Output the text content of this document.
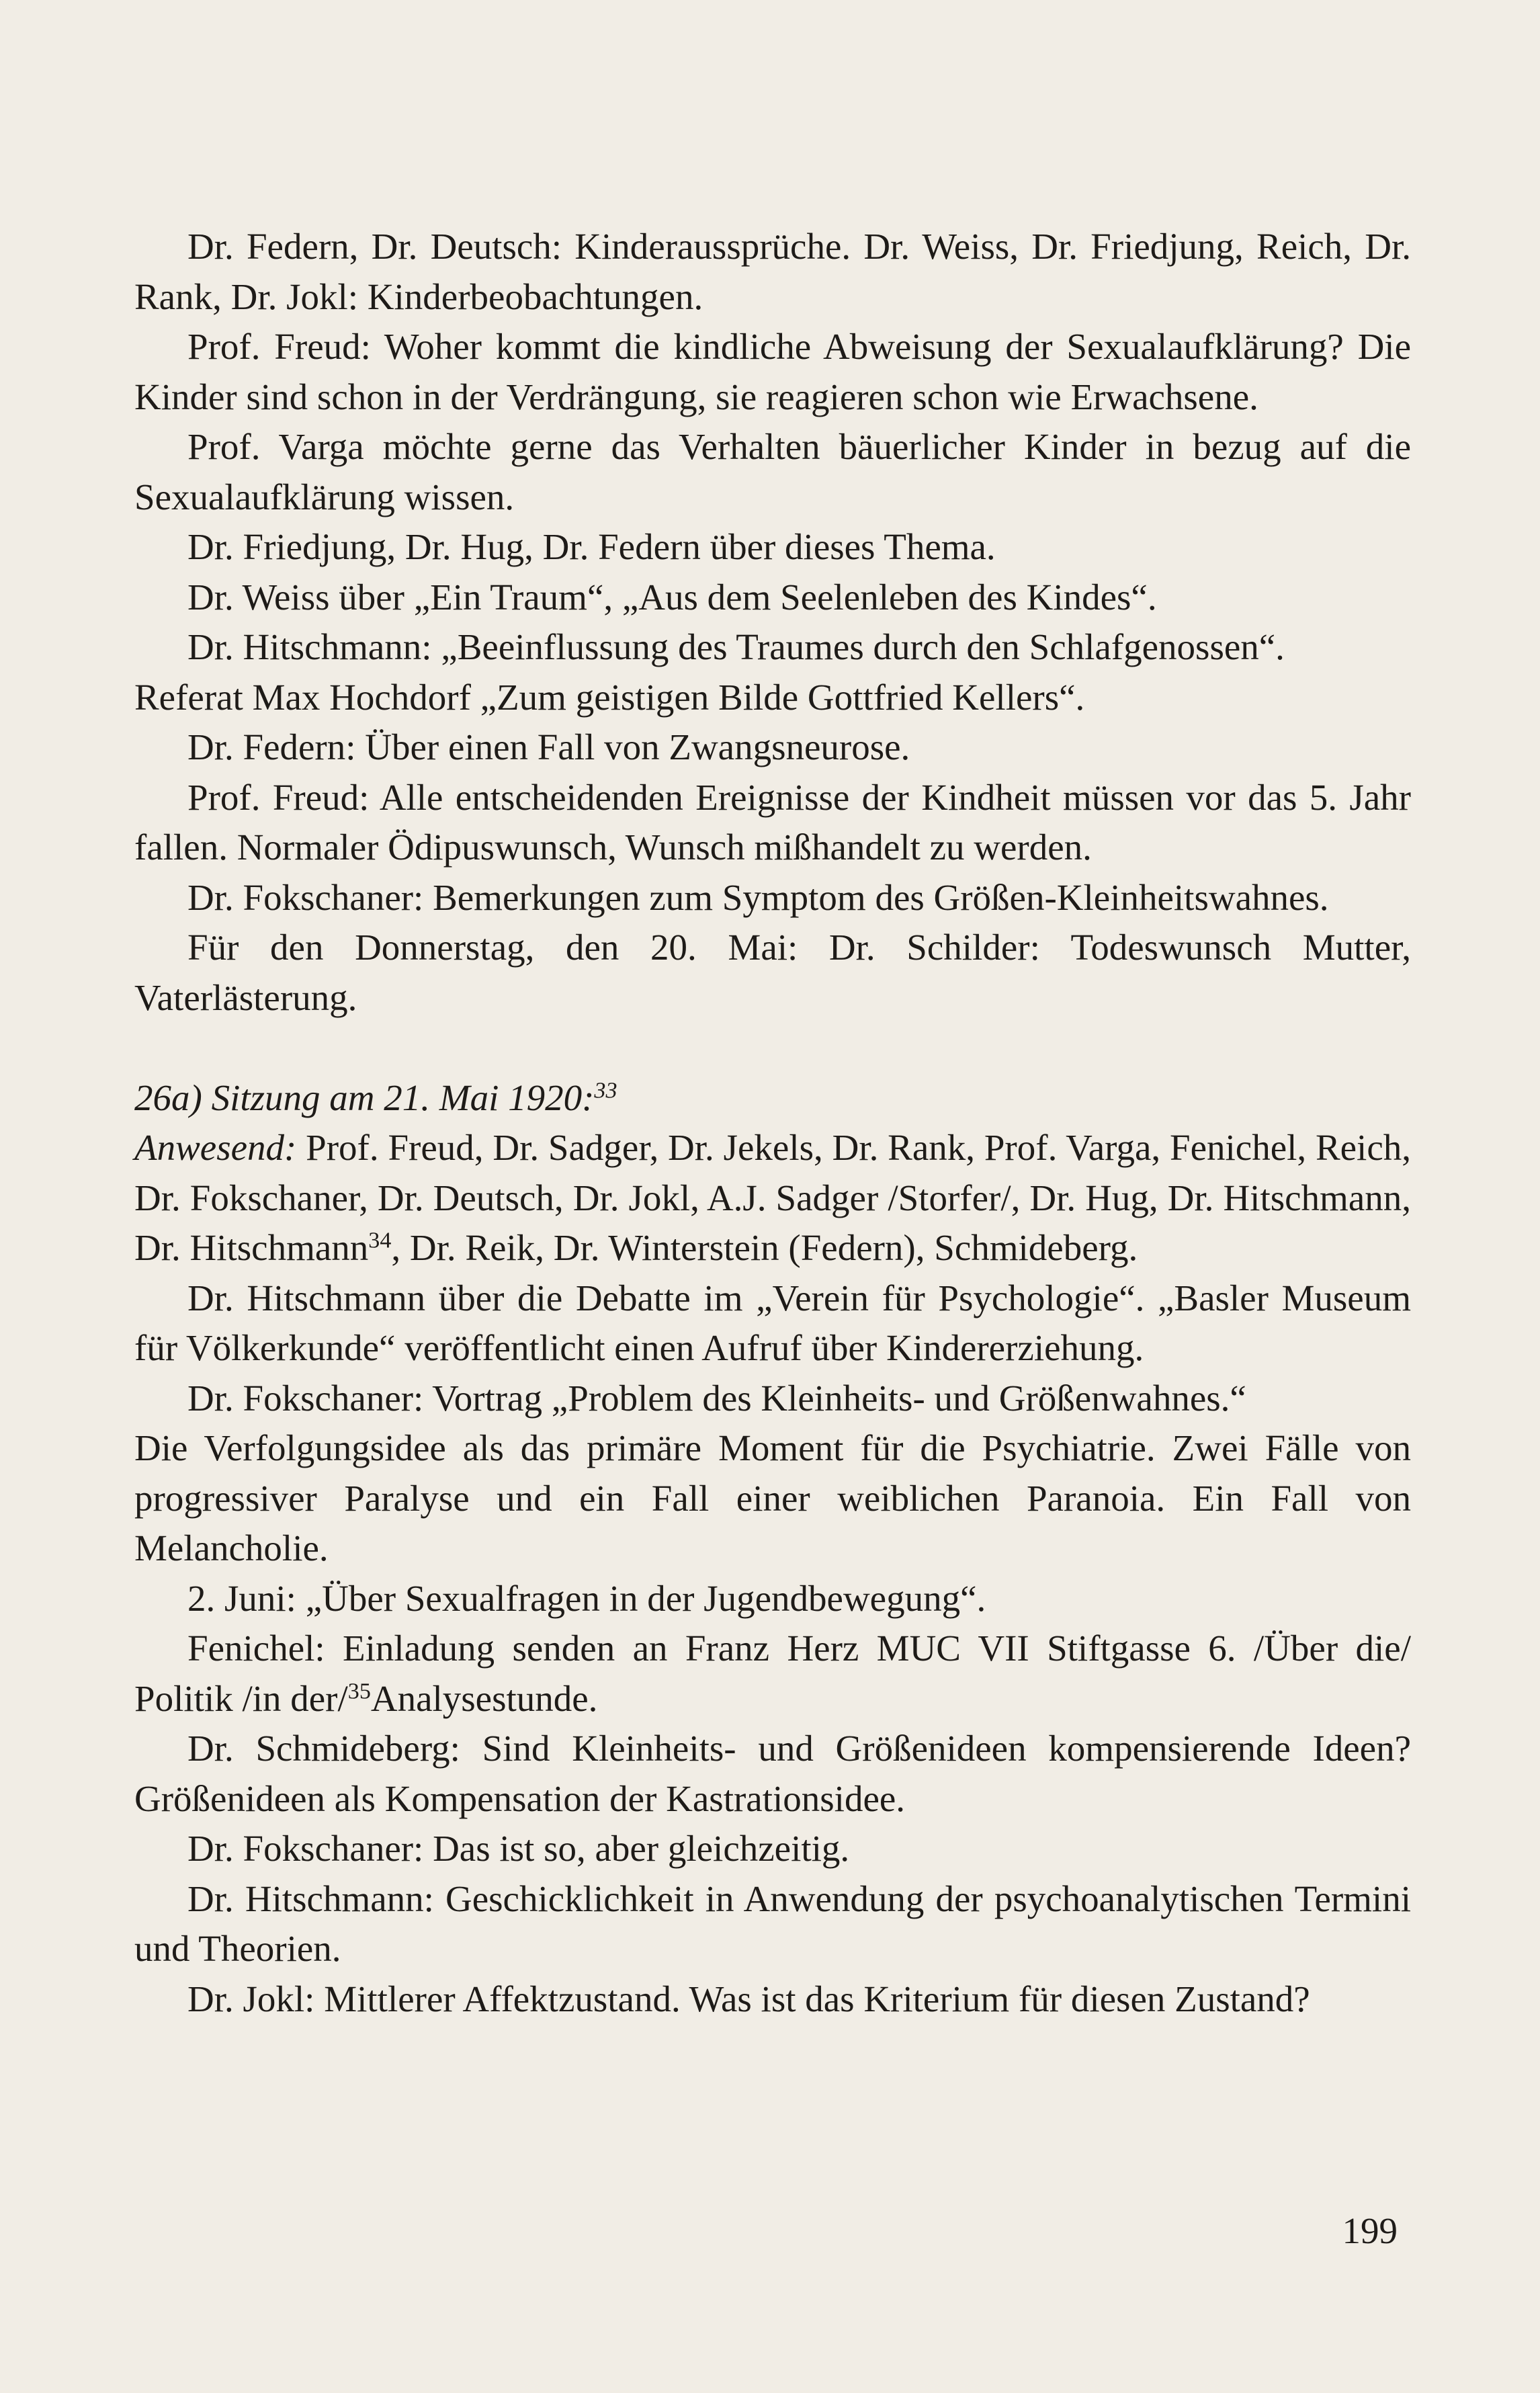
Dr. Federn, Dr. Deutsch: Kinderaussprüche. Dr. Weiss, Dr. Friedjung, Reich, Dr. Rank, Dr. Jokl: Kinderbeobachtungen.

Prof. Freud: Woher kommt die kindliche Abweisung der Sexualaufklärung? Die Kinder sind schon in der Verdrängung, sie reagieren schon wie Erwachsene.

Prof. Varga möchte gerne das Verhalten bäuerlicher Kinder in bezug auf die Sexualaufklärung wissen.

Dr. Friedjung, Dr. Hug, Dr. Federn über dieses Thema.

Dr. Weiss über „Ein Traum“, „Aus dem Seelenleben des Kindes“.

Dr. Hitschmann: „Beeinflussung des Traumes durch den Schlafgenossen“.

Referat Max Hochdorf „Zum geistigen Bilde Gottfried Kellers“.

Dr. Federn: Über einen Fall von Zwangsneurose.

Prof. Freud: Alle entscheidenden Ereignisse der Kindheit müssen vor das 5. Jahr fallen. Normaler Ödipuswunsch, Wunsch mißhandelt zu werden.

Dr. Fokschaner: Bemerkungen zum Symptom des Größen-Kleinheitswahnes.

Für den Donnerstag, den 20. Mai: Dr. Schilder: Todeswunsch Mutter, Vaterlästerung.

26a) Sitzung am 21. Mai 1920:$^{33}$

Anwesend: Prof. Freud, Dr. Sadger, Dr. Jekels, Dr. Rank, Prof. Varga, Fenichel, Reich, Dr. Fokschaner, Dr. Deutsch, Dr. Jokl, A.J. Sadger /Storfer/, Dr. Hug, Dr. Hitschmann, Dr. Hitschmann$^{34}$, Dr. Reik, Dr. Winterstein (Federn), Schmideberg.

Dr. Hitschmann über die Debatte im „Verein für Psychologie“. „Basler Museum für Völkerkunde“ veröffentlicht einen Aufruf über Kindererziehung.

Dr. Fokschaner: Vortrag „Problem des Kleinheits- und Größenwahnes.“

Die Verfolgungsidee als das primäre Moment für die Psychiatrie. Zwei Fälle von progressiver Paralyse und ein Fall einer weiblichen Paranoia. Ein Fall von Melancholie.

2. Juni: „Über Sexualfragen in der Jugendbewegung“.

Fenichel: Einladung senden an Franz Herz MUC VII Stiftgasse 6. /Über die/ Politik /in der/$^{35}$Analysestunde.

Dr. Schmideberg: Sind Kleinheits- und Größenideen kompensierende Ideen? Größenideen als Kompensation der Kastrationsidee.

Dr. Fokschaner: Das ist so, aber gleichzeitig.

Dr. Hitschmann: Geschicklichkeit in Anwendung der psychoanalytischen Termini und Theorien.

Dr. Jokl: Mittlerer Affektzustand. Was ist das Kriterium für diesen Zustand?

199
